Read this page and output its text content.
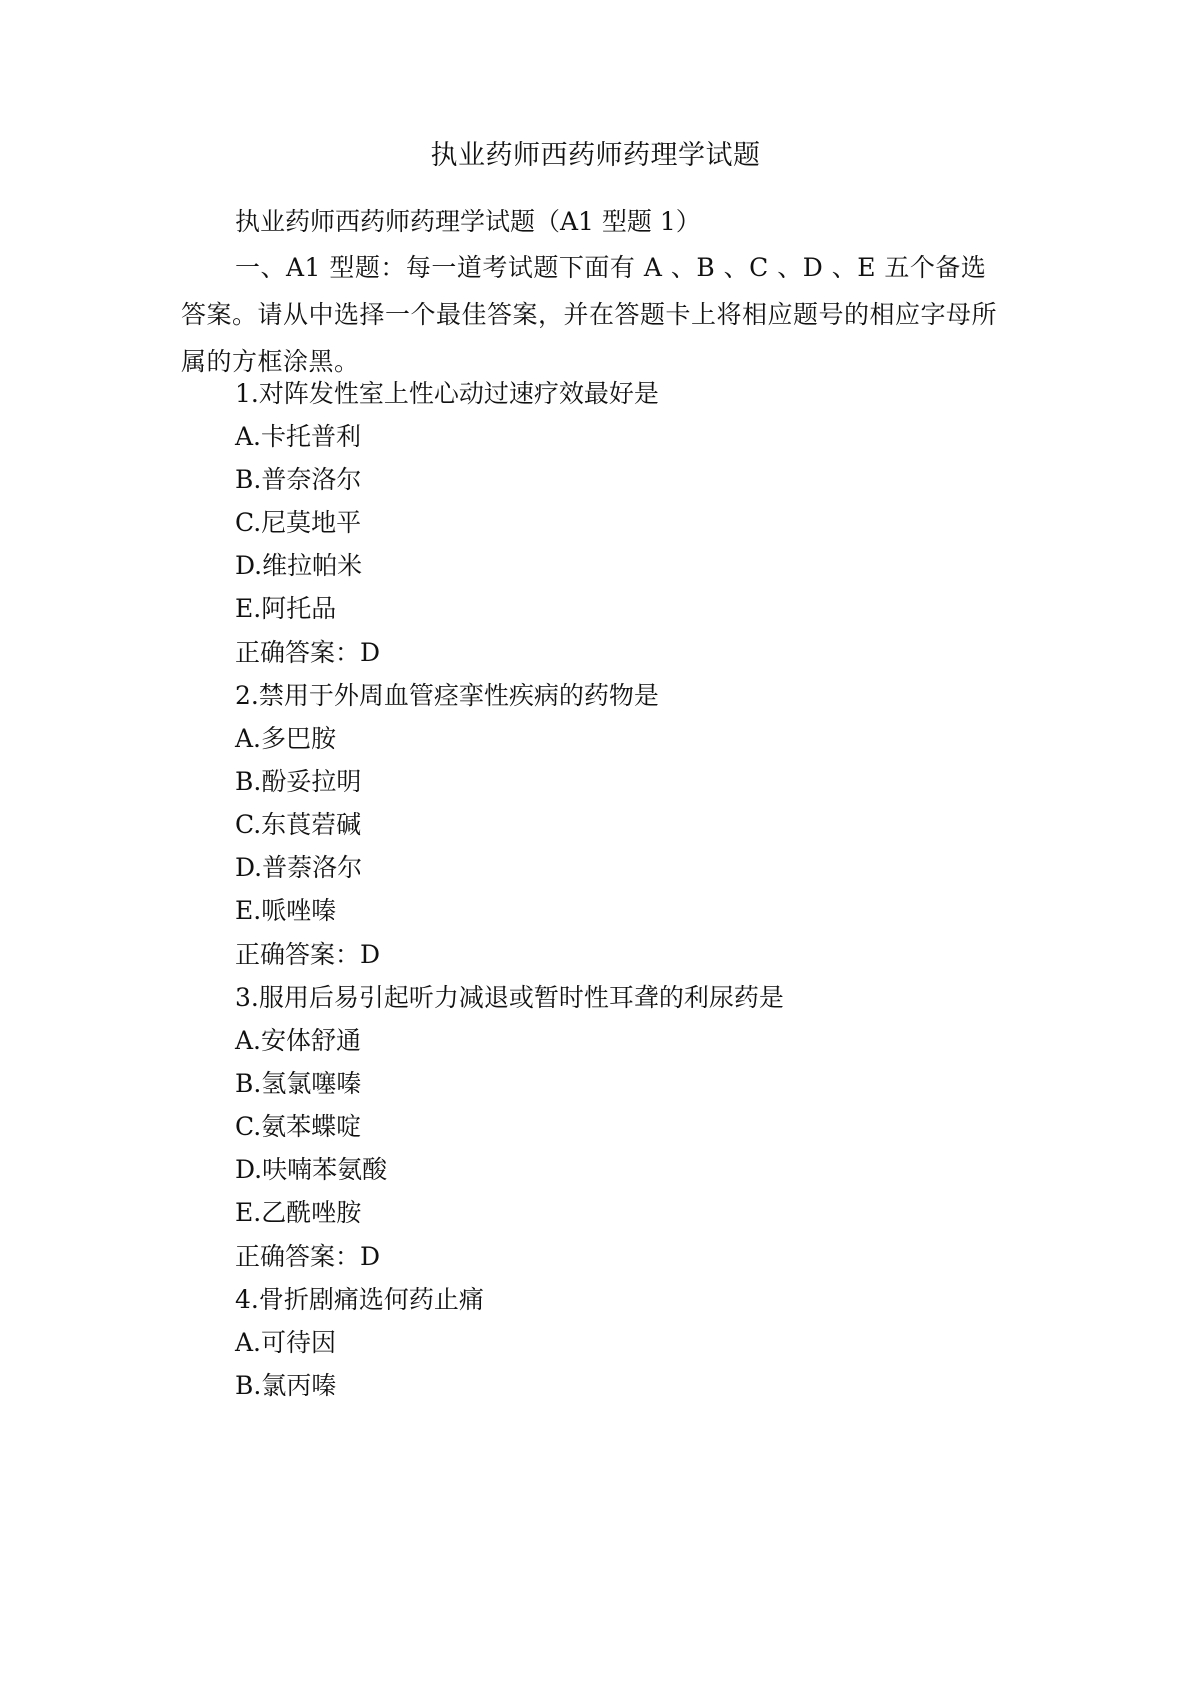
执业药师西药师药理学试题

执业药师西药师药理学试题（A1 型题 1）

一、A1 型题：每一道考试题下面有 A 、B 、C 、D 、E 五个备选答案。请从中选择一个最佳答案，并在答题卡上将相应题号的相应字母所属的方框涂黑。

1.对阵发性室上性心动过速疗效最好是

A.卡托普利

B.普奈洛尔

C.尼莫地平

D.维拉帕米

E.阿托品

正确答案：D

2.禁用于外周血管痉挛性疾病的药物是

A.多巴胺

B.酚妥拉明

C.东莨菪碱

D.普萘洛尔

E.哌唑嗪

正确答案：D

3.服用后易引起听力减退或暂时性耳聋的利尿药是

A.安体舒通

B.氢氯噻嗪

C.氨苯蝶啶

D.呋喃苯氨酸

E.乙酰唑胺

正确答案：D

4.骨折剧痛选何药止痛

A.可待因

B.氯丙嗪
